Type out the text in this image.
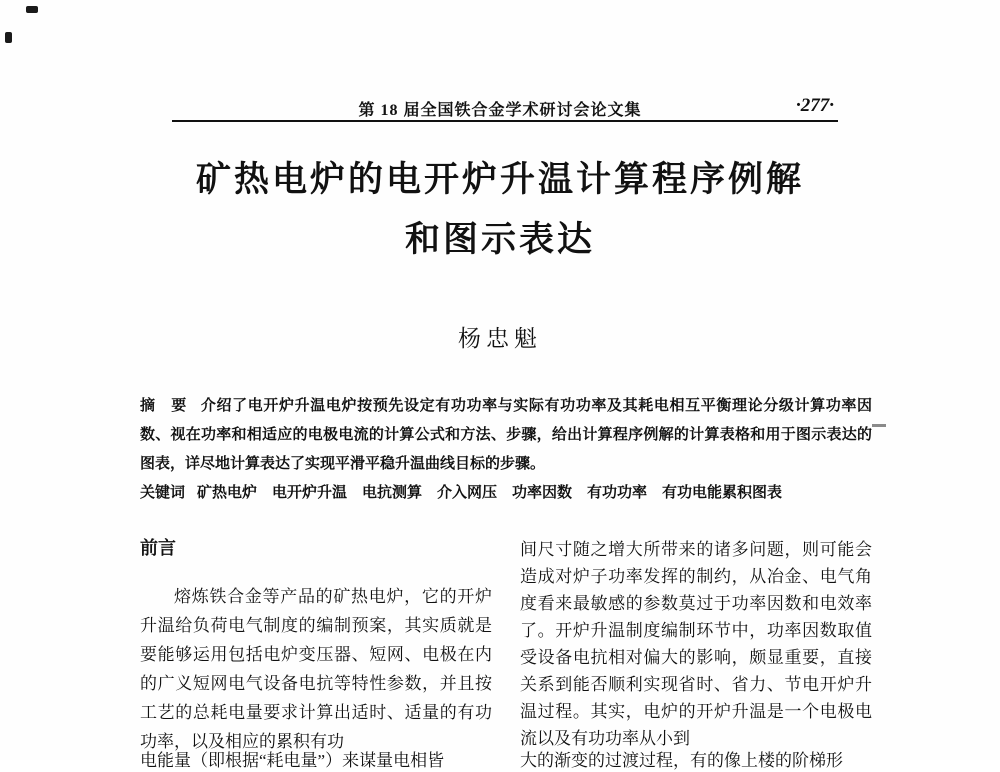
第 18 届全国铁合金学术研讨会论文集	·277·
矿热电炉的电开炉升温计算程序例解
和图示表达
杨忠魁

摘　要 介绍了电开炉升温电炉按预先设定有功功率与实际有功功率及其耗电相互平衡理论分级计算功率因数、视在功率和相适应的电极电流的计算公式和方法、步骤，给出计算程序例解的计算表格和用于图示表达的图表，详尽地计算表达了实现平滑平稳升温曲线目标的步骤。

关键词 矿热电炉　电开炉升温　电抗测算　介入网压　功率因数　有功功率　有功电能累积图表

前言

熔炼铁合金等产品的矿热电炉，它的开炉升温给负荷电气制度的编制预案，其实质就是要能够运用包括电炉变压器、短网、电极在内的广义短网电气设备电抗等特性参数，并且按工艺的总耗电量要求计算出适时、适量的有功功率，以及相应的累积有功

间尺寸随之增大所带来的诸多问题，则可能会造成对炉子功率发挥的制约，从冶金、电气角度看来最敏感的参数莫过于功率因数和电效率了。开炉升温制度编制环节中，功率因数取值受设备电抗相对偏大的影响，颇显重要，直接关系到能否顺利实现省时、省力、节电开炉升温过程。其实，电炉的开炉升温是一个电极电流以及有功功率从小到

电能量（即根据“耗电量”）来谋量电相皆	大的渐变的过渡过程，有的像上楼的阶梯形
